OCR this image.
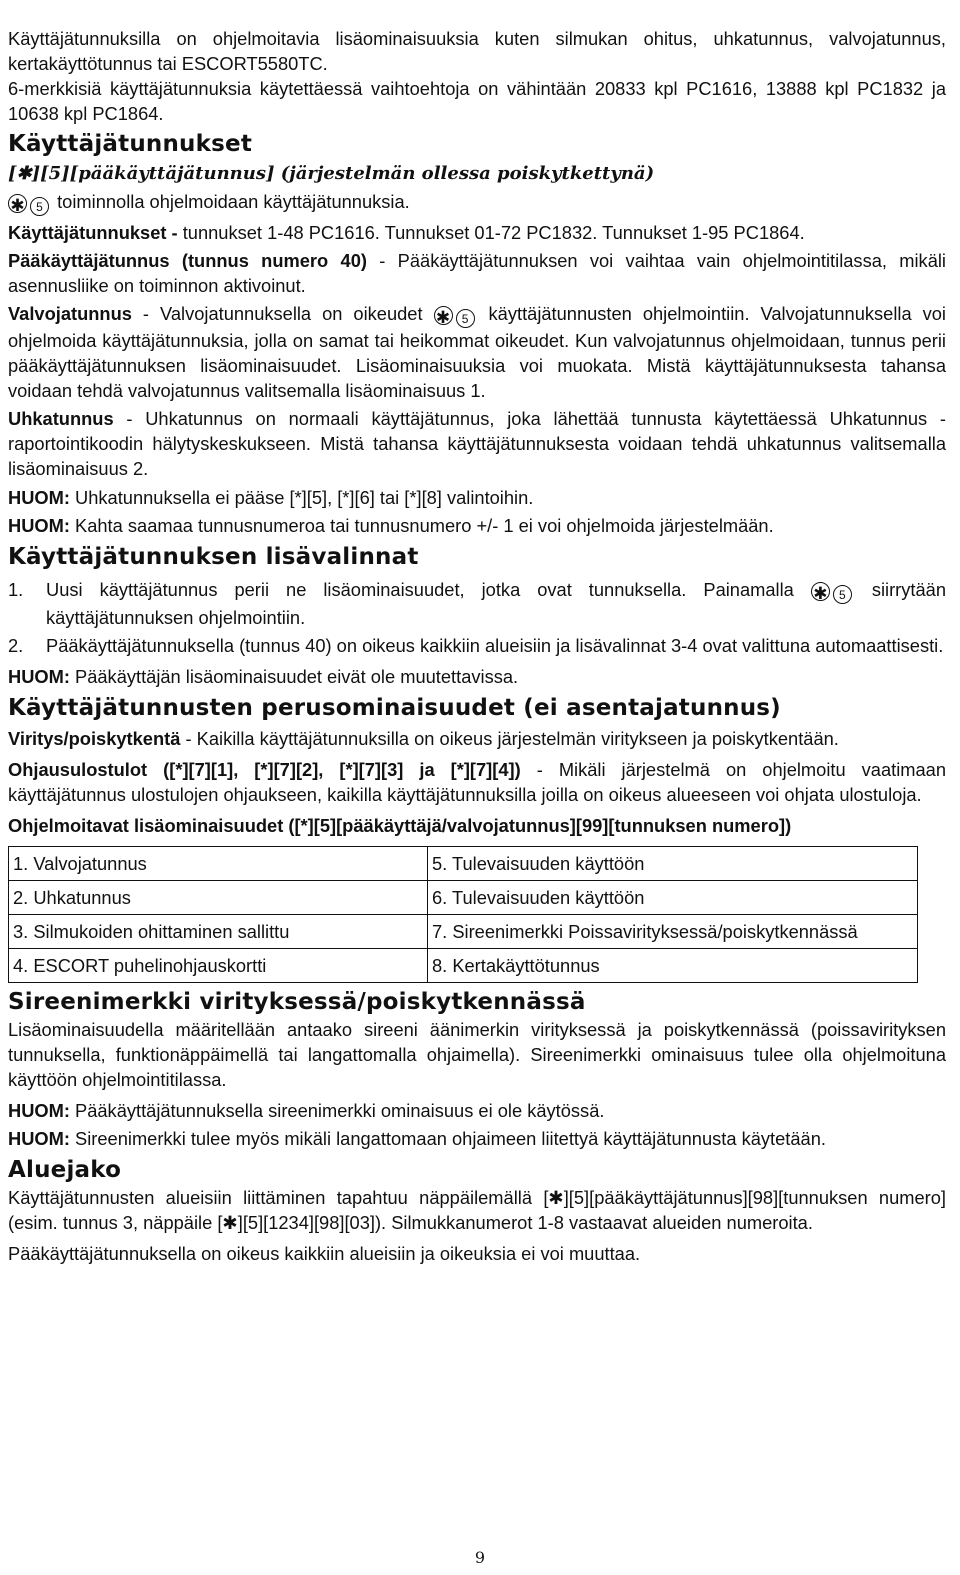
Käyttäjätunnuksilla on ohjelmoitavia lisäominaisuuksia kuten silmukan ohitus, uhkatunnus, valvojatunnus, kertakäyttötunnus tai ESCORT5580TC.

6-merkkisiä käyttäjätunnuksia käytettäessä vaihtoehtoja on vähintään 20833 kpl PC1616, 13888 kpl PC1832 ja 10638 kpl PC1864.

Käyttäjätunnukset
[✱][5][pääkäyttäjätunnus] (järjestelmän ollessa poiskytkettynä)

✱ 5 toiminnolla ohjelmoidaan käyttäjätunnuksia.

Käyttäjätunnukset - tunnukset 1-48 PC1616. Tunnukset 01-72 PC1832. Tunnukset 1-95 PC1864.

Pääkäyttäjätunnus (tunnus numero 40) - Pääkäyttäjätunnuksen voi vaihtaa vain ohjelmointitilassa, mikäli asennusliike on toiminnon aktivoinut.

Valvojatunnus - Valvojatunnuksella on oikeudet ✱ 5 käyttäjätunnusten ohjelmointiin. Valvojatunnuksella voi ohjelmoida käyttäjätunnuksia, jolla on samat tai heikommat oikeudet. Kun valvojatunnus ohjelmoidaan, tunnus perii pääkäyttäjätunnuksen lisäominaisuudet. Lisäominaisuuksia voi muokata. Mistä käyttäjätunnuksesta tahansa voidaan tehdä valvojatunnus valitsemalla lisäominaisuus 1.

Uhkatunnus - Uhkatunnus on normaali käyttäjätunnus, joka lähettää tunnusta käytettäessä Uhkatunnus -raportointikoodin hälytyskeskukseen. Mistä tahansa käyttäjätunnuksesta voidaan tehdä uhkatunnus valitsemalla lisäominaisuus 2.

HUOM: Uhkatunnuksella ei pääse [*][5], [*][6] tai [*][8] valintoihin.

HUOM: Kahta saamaa tunnusnumeroa tai tunnusnumero +/- 1 ei voi ohjelmoida järjestelmään.

Käyttäjätunnuksen lisävalinnat
1.	Uusi käyttäjätunnus perii ne lisäominaisuudet, jotka ovat tunnuksella. Painamalla ✱ 5 siirrytään käyttäjätunnuksen ohjelmointiin.
2.	Pääkäyttäjätunnuksella (tunnus 40) on oikeus kaikkiin alueisiin ja lisävalinnat 3-4 ovat valittuna automaattisesti.

HUOM: Pääkäyttäjän lisäominaisuudet eivät ole muutettavissa.

Käyttäjätunnusten perusominaisuudet (ei asentajatunnus)

Viritys/poiskytkentä - Kaikilla käyttäjätunnuksilla on oikeus järjestelmän viritykseen ja poiskytkentään.

Ohjausulostulot ([*][7][1], [*][7][2], [*][7][3] ja [*][7][4]) - Mikäli järjestelmä on ohjelmoitu vaatimaan käyttäjätunnus ulostulojen ohjaukseen, kaikilla käyttäjätunnuksilla joilla on oikeus alueeseen voi ohjata ulostuloja.

Ohjelmoitavat lisäominaisuudet ([*][5][pääkäyttäjä/valvojatunnus][99][tunnuksen numero])

1. Valvojatunnus	5. Tulevaisuuden käyttöön
2. Uhkatunnus	6. Tulevaisuuden käyttöön
3. Silmukoiden ohittaminen sallittu	7. Sireenimerkki Poissavirityksessä/poiskytkennässä
4. ESCORT puhelinohjauskortti	8. Kertakäyttötunnus
Sireenimerkki virityksessä/poiskytkennässä

Lisäominaisuudella määritellään antaako sireeni äänimerkin virityksessä ja poiskytkennässä (poissavirityksen tunnuksella, funktionäppäimellä tai langattomalla ohjaimella). Sireenimerkki ominaisuus tulee olla ohjelmoituna käyttöön ohjelmointitilassa.

HUOM: Pääkäyttäjätunnuksella sireenimerkki ominaisuus ei ole käytössä.

HUOM: Sireenimerkki tulee myös mikäli langattomaan ohjaimeen liitettyä käyttäjätunnusta käytetään.

Aluejako

Käyttäjätunnusten alueisiin liittäminen tapahtuu näppäilemällä [✱][5][pääkäyttäjätunnus][98][tunnuksen numero] (esim. tunnus 3, näppäile [✱][5][1234][98][03]). Silmukkanumerot 1-8 vastaavat alueiden numeroita.

Pääkäyttäjätunnuksella on oikeus kaikkiin alueisiin ja oikeuksia ei voi muuttaa.

9
